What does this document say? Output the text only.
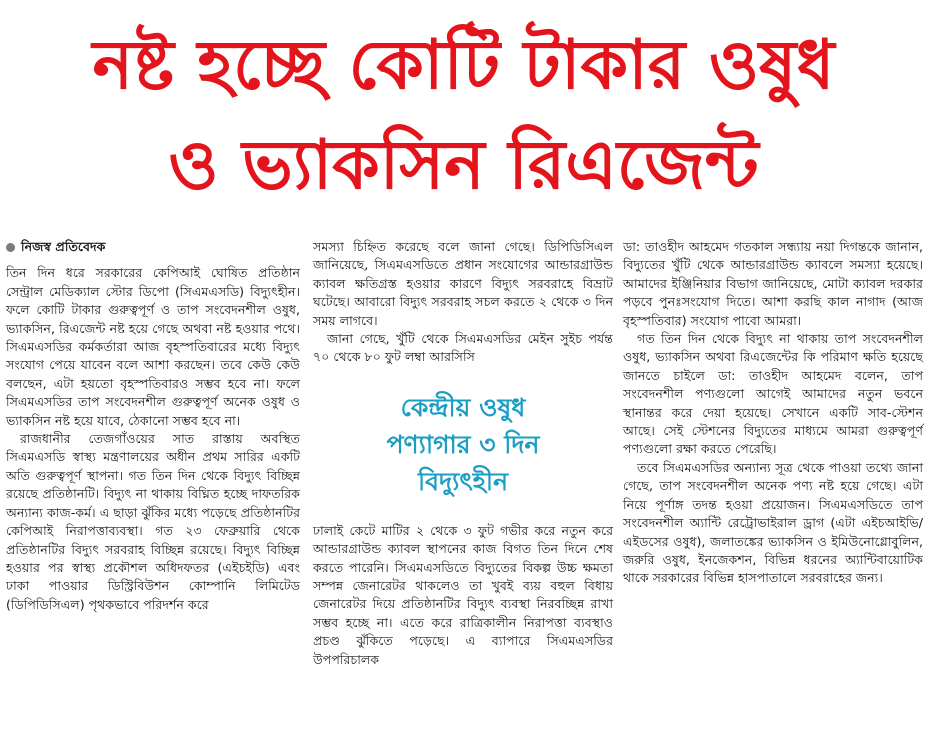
নষ্ট হচ্ছে কোটি টাকার ওষুধ
ও ভ্যাকসিন রিএজেন্ট
নিজস্ব প্রতিবেদক

তিন দিন ধরে সরকারের কেপিআই ঘোষিত প্রতিষ্ঠান সেন্ট্রাল মেডিক্যাল স্টোর ডিপো (সিএমএসডি) বিদ্যুৎহীন। ফলে কোটি টাকার গুরুত্বপূর্ণ ও তাপ সংবেদনশীল ওষুধ, ভ্যাকসিন, রিএজেন্ট নষ্ট হয়ে গেছে অথবা নষ্ট হওয়ার পথে। সিএমএসডির কর্মকর্তারা আজ বৃহস্পতিবারের মধ্যে বিদ্যুৎ সংযোগ পেয়ে যাবেন বলে আশা করছেন। তবে কেউ কেউ বলছেন, এটা হয়তো বৃহস্পতিবারও সম্ভব হবে না। ফলে সিএমএসডির তাপ সংবেদনশীল গুরুত্বপূর্ণ অনেক ওষুধ ও ভ্যাকসিন নষ্ট হয়ে যাবে, ঠেকানো সম্ভব হবে না।

রাজধানীর তেজগাঁওয়ের সাত রাস্তায় অবস্থিত সিএমএসডি স্বাস্থ্য মন্ত্রণালয়ের অধীন প্রথম সারির একটি অতি গুরুত্বপূর্ণ স্থাপনা। গত তিন দিন থেকে বিদ্যুৎ বিচ্ছিন্ন রয়েছে প্রতিষ্ঠানটি। বিদ্যুৎ না থাকায় বিঘ্নিত হচ্ছে দাফতরিক অন্যান্য কাজ-কর্ম। এ ছাড়া ঝুঁকির মধ্যে পড়েছে প্রতিষ্ঠানটির কেপিআই নিরাপত্তাব্যবস্থা। গত ২৩ ফেব্রুয়ারি থেকে প্রতিষ্ঠানটির বিদ্যুৎ সরবরাহ বিচ্ছিন্ন রয়েছে। বিদ্যুৎ বিচ্ছিন্ন হওয়ার পর স্বাস্থ্য প্রকৌশল অধিদফতর (এইচইডি) এবং ঢাকা পাওয়ার ডিস্ট্রিবিউশন কোম্পানি লিমিটেড (ডিপিডিসিএল) পৃথকভাবে পরিদর্শন করে

সমস্যা চিহ্নিত করেছে বলে জানা গেছে। ডিপিডিসিএল জানিয়েছে, সিএমএসডিতে প্রধান সংযোগের আন্ডারগ্রাউন্ড ক্যাবল ক্ষতিগ্রস্ত হওয়ার কারণে বিদ্যুৎ সরবরাহে বিভ্রাট ঘটেছে। আবারো বিদ্যুৎ সরবরাহ সচল করতে ২ থেকে ৩ দিন সময় লাগবে।

জানা গেছে, খুঁটি থেকে সিএমএসডির মেইন সুইচ পর্যন্ত ৭০ থেকে ৮০ ফুট লম্বা আরসিসি

কেন্দ্রীয় ওষুধ
পণ্যাগার ৩ দিন
বিদ্যুৎহীন

ঢালাই কেটে মাটির ২ থেকে ৩ ফুট গভীর করে নতুন করে আন্ডারগ্রাউন্ড ক্যাবল স্থাপনের কাজ বিগত তিন দিনে শেষ করতে পারেনি। সিএমএসডিতে বিদ্যুতের বিকল্প উচ্চ ক্ষমতা সম্পন্ন জেনারেটর থাকলেও তা খুবই ব্যয় বহুল বিধায় জেনারেটর দিয়ে প্রতিষ্ঠানটির বিদ্যুৎ ব্যবস্থা নিরবচ্ছিন্ন রাখা সম্ভব হচ্ছে না। এতে করে রাত্রিকালীন নিরাপত্তা ব্যবস্থাও প্রচণ্ড ঝুঁকিতে পড়েছে। এ ব্যাপারে সিএমএসডির উপপরিচালক

ডা: তাওহীদ আহমেদ গতকাল সন্ধ্যায় নয়া দিগন্তকে জানান, বিদ্যুতের খুঁটি থেকে আন্ডারগ্রাউন্ড ক্যাবলে সমস্যা হয়েছে। আমাদের ইঞ্জিনিয়ার বিভাগ জানিয়েছে, মোটা ক্যাবল দরকার পড়বে পুনঃসংযোগ দিতে। আশা করছি কাল নাগাদ (আজ বৃহস্পতিবার) সংযোগ পাবো আমরা।

গত তিন দিন থেকে বিদ্যুৎ না থাকায় তাপ সংবেদনশীল ওষুধ, ভ্যাকসিন অথবা রিএজেন্টের কি পরিমাণ ক্ষতি হয়েছে জানতে চাইলে ডা: তাওহীদ আহমেদ বলেন, তাপ সংবেদনশীল পণ্যগুলো আগেই আমাদের নতুন ভবনে স্থানান্তর করে দেয়া হয়েছে। সেখানে একটি সাব-স্টেশন আছে। সেই স্টেশনের বিদ্যুতের মাধ্যমে আমরা গুরুত্বপূর্ণ পণ্যগুলো রক্ষা করতে পেরেছি।

তবে সিএমএসডির অন্যান্য সূত্র থেকে পাওয়া তথ্যে জানা গেছে, তাপ সংবেদনশীল অনেক পণ্য নষ্ট হয়ে গেছে। এটা নিয়ে পূর্ণাঙ্গ তদন্ত হওয়া প্রয়োজন। সিএমএসডিতে তাপ সংবেদনশীল অ্যান্টি রেট্রোভাইরাল ড্রাগ (এটা এইচআইভি/এইডসের ওষুধ), জলাতঙ্কের ভ্যাকসিন ও ইমিউনোগ্লোবুলিন, জরুরি ওষুধ, ইনজেকশন, বিভিন্ন ধরনের অ্যান্টিবায়োটিক থাকে সরকারের বিভিন্ন হাসপাতালে সরবরাহের জন্য।
